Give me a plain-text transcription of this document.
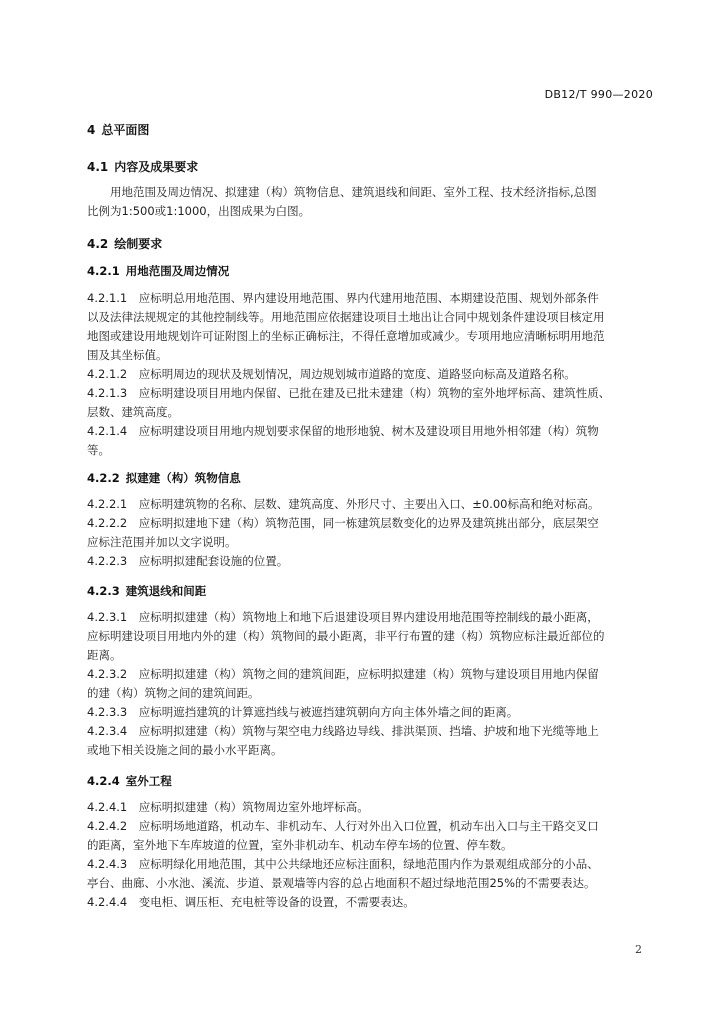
DB12/T 990—2020
4 总平面图
4.1 内容及成果要求
　　用地范围及周边情况、拟建建（构）筑物信息、建筑退线和间距、室外工程、技术经济指标,总图
比例为1:500或1:1000，出图成果为白图。
4.2 绘制要求
4.2.1 用地范围及周边情况
4.2.1.1　应标明总用地范围、界内建设用地范围、界内代建用地范围、本期建设范围、规划外部条件
以及法律法规规定的其他控制线等。用地范围应依据建设项目土地出让合同中规划条件建设项目核定用
地图或建设用地规划许可证附图上的坐标正确标注，不得任意增加或减少。专项用地应清晰标明用地范
围及其坐标值。
4.2.1.2　应标明周边的现状及规划情况，周边规划城市道路的宽度、道路竖向标高及道路名称。
4.2.1.3　应标明建设项目用地内保留、已批在建及已批未建建（构）筑物的室外地坪标高、建筑性质、
层数、建筑高度。
4.2.1.4　应标明建设项目用地内规划要求保留的地形地貌、树木及建设项目用地外相邻建（构）筑物
等。
4.2.2 拟建建（构）筑物信息
4.2.2.1　应标明建筑物的名称、层数、建筑高度、外形尺寸、主要出入口、±0.00标高和绝对标高。
4.2.2.2　应标明拟建地下建（构）筑物范围，同一栋建筑层数变化的边界及建筑挑出部分，底层架空
应标注范围并加以文字说明。
4.2.2.3　应标明拟建配套设施的位置。
4.2.3 建筑退线和间距
4.2.3.1　应标明拟建建（构）筑物地上和地下后退建设项目界内建设用地范围等控制线的最小距离，
应标明建设项目用地内外的建（构）筑物间的最小距离，非平行布置的建（构）筑物应标注最近部位的
距离。
4.2.3.2　应标明拟建建（构）筑物之间的建筑间距，应标明拟建建（构）筑物与建设项目用地内保留
的建（构）筑物之间的建筑间距。
4.2.3.3　应标明遮挡建筑的计算遮挡线与被遮挡建筑朝向方向主体外墙之间的距离。
4.2.3.4　应标明拟建建（构）筑物与架空电力线路边导线、排洪渠顶、挡墙、护坡和地下光缆等地上
或地下相关设施之间的最小水平距离。
4.2.4 室外工程
4.2.4.1　应标明拟建建（构）筑物周边室外地坪标高。
4.2.4.2　应标明场地道路，机动车、非机动车、人行对外出入口位置，机动车出入口与主干路交叉口
的距离，室外地下车库坡道的位置，室外非机动车、机动车停车场的位置、停车数。
4.2.4.3　应标明绿化用地范围，其中公共绿地还应标注面积，绿地范围内作为景观组成部分的小品、
亭台、曲廊、小水池、溪流、步道、景观墙等内容的总占地面积不超过绿地范围25%的不需要表达。
4.2.4.4　变电柜、调压柜、充电桩等设备的设置，不需要表达。
2
